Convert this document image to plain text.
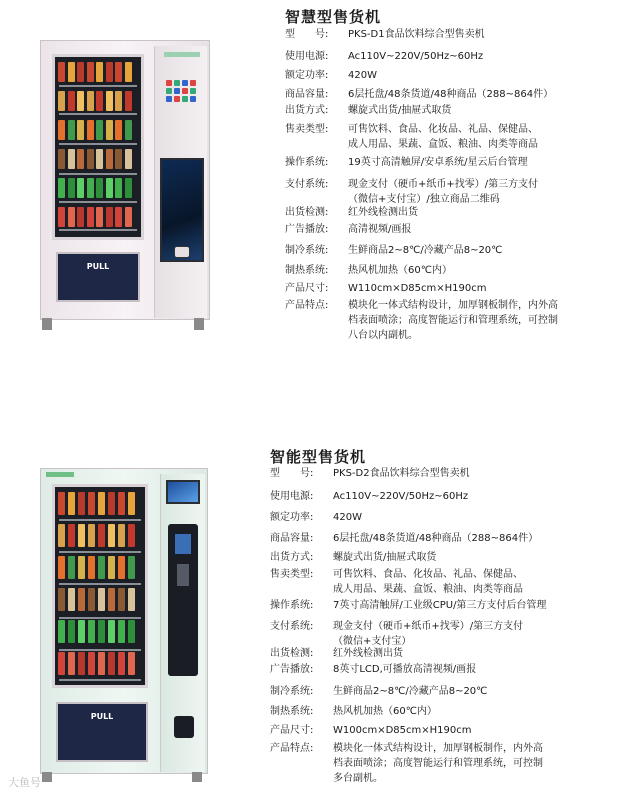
PULL
智慧型售货机
型　　号:	PKS-D1食品饮料综合型售卖机
使用电源:	Ac110V~220V/50Hz~60Hz
额定功率:	420W
商品容量:	6层托盘/48条货道/48种商品（288~864件）
出货方式:	螺旋式出货/抽屉式取货
售卖类型:	可售饮料、食品、化妆品、礼品、保健品、
成人用品、果蔬、盒饭、粮油、肉类等商品
操作系统:	19英寸高清触屏/安卓系统/星云后台管理
支付系统:	现金支付（硬币+纸币+找零）/第三方支付
（微信+支付宝）/独立商品二维码
出货检测:	红外线检测出货
广告播放:	高清视频/画报
制冷系统:	生鲜商品2~8℃/冷藏产品8~20℃
制热系统:	热风机加热（60℃内）
产品尺寸:	W110cm×D85cm×H190cm
产品特点:	模块化一体式结构设计，加厚钢板制作，内外高
档表面喷涂；高度智能运行和管理系统，可控制
八台以内副机。
PULL
智能型售货机
型　　号:	PKS-D2食品饮料综合型售卖机
使用电源:	Ac110V~220V/50Hz~60Hz
额定功率:	420W
商品容量:	6层托盘/48条货道/48种商品（288~864件）
出货方式:	螺旋式出货/抽屉式取货
售卖类型:	可售饮料、食品、化妆品、礼品、保健品、
成人用品、果蔬、盒饭、粮油、肉类等商品
操作系统:	7英寸高清触屏/工业级CPU/第三方支付后台管理
支付系统:	现金支付（硬币+纸币+找零）/第三方支付
（微信+支付宝）
出货检测:	红外线检测出货
广告播放:	8英寸LCD,可播放高清视频/画报
制冷系统:	生鲜商品2~8℃/冷藏产品8~20℃
制热系统:	热风机加热（60℃内）
产品尺寸:	W100cm×D85cm×H190cm
产品特点:	模块化一体式结构设计，加厚钢板制作，内外高
档表面喷涂；高度智能运行和管理系统，可控制
多台副机。
大鱼号
